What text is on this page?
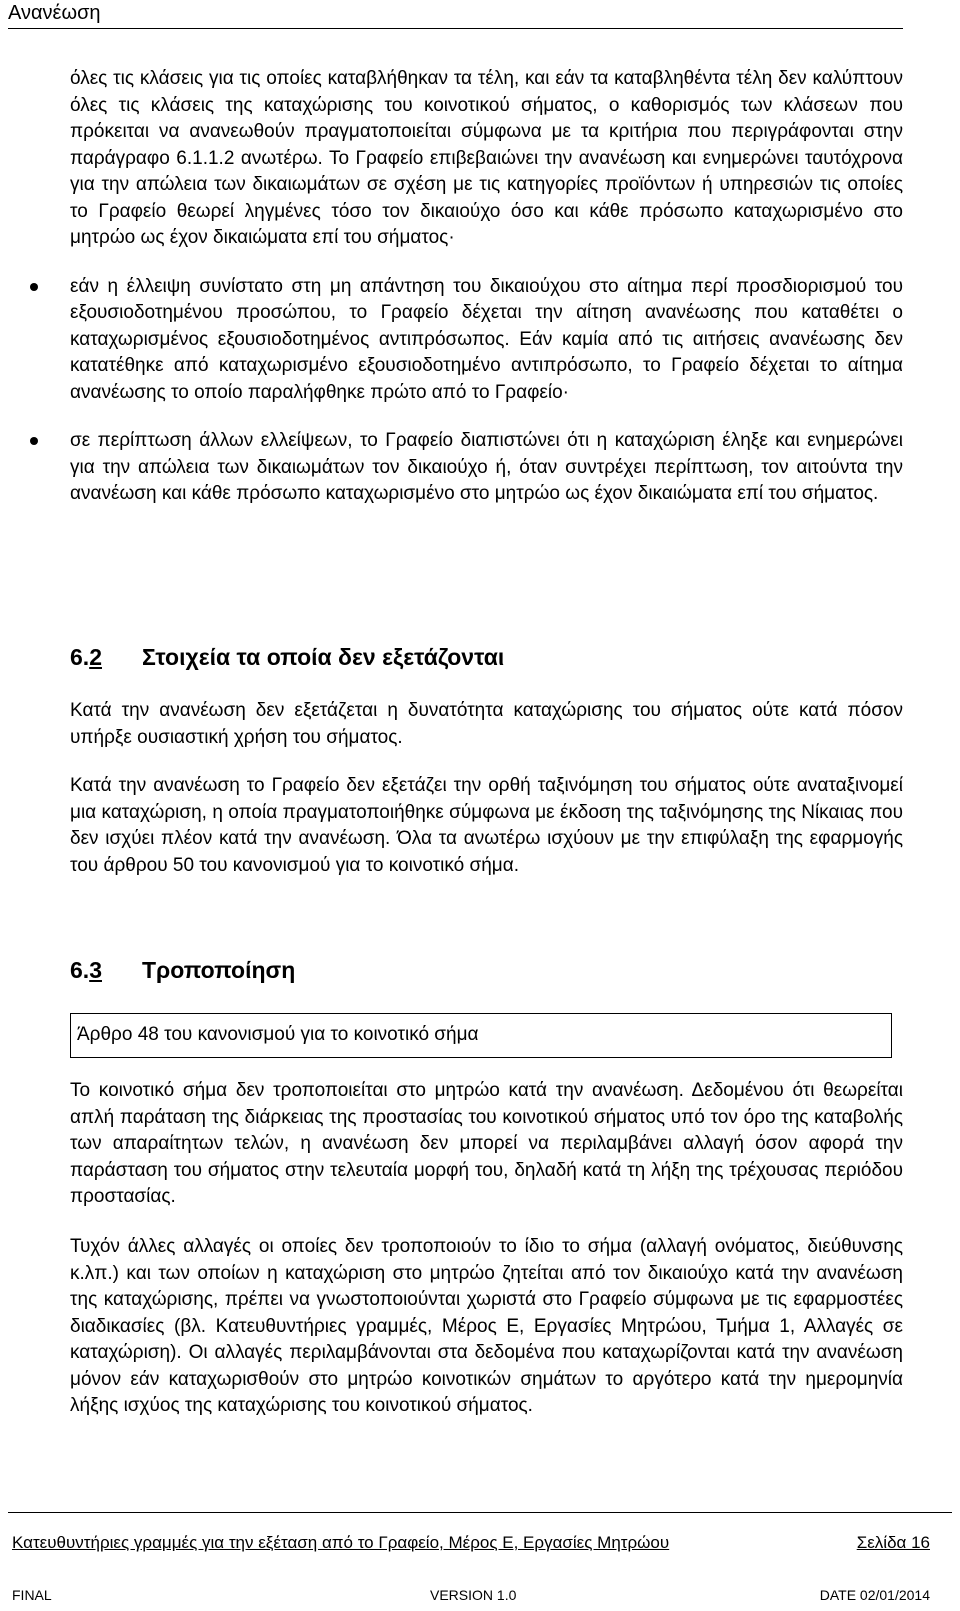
Ανανέωση

όλες τις κλάσεις για τις οποίες καταβλήθηκαν τα τέλη, και εάν τα καταβληθέντα τέλη δεν καλύπτουν όλες τις κλάσεις της καταχώρισης του κοινοτικού σήματος, ο καθορισμός των κλάσεων που πρόκειται να ανανεωθούν πραγματοποιείται σύμφωνα με τα κριτήρια που περιγράφονται στην παράγραφο 6.1.1.2 ανωτέρω. Το Γραφείο επιβεβαιώνει την ανανέωση και ενημερώνει ταυτόχρονα για την απώλεια των δικαιωμάτων σε σχέση με τις κατηγορίες προϊόντων ή υπηρεσιών τις οποίες το Γραφείο θεωρεί ληγμένες τόσο τον δικαιούχο όσο και κάθε πρόσωπο καταχωρισμένο στο μητρώο ως έχον δικαιώματα επί του σήματος·

εάν η έλλειψη συνίστατο στη μη απάντηση του δικαιούχου στο αίτημα περί προσδιορισμού του εξουσιοδοτημένου προσώπου, το Γραφείο δέχεται την αίτηση ανανέωσης που καταθέτει ο καταχωρισμένος εξουσιοδοτημένος αντιπρόσωπος. Εάν καμία από τις αιτήσεις ανανέωσης δεν κατατέθηκε από καταχωρισμένο εξουσιοδοτημένο αντιπρόσωπο, το Γραφείο δέχεται το αίτημα ανανέωσης το οποίο παραλήφθηκε πρώτο από το Γραφείο·

σε περίπτωση άλλων ελλείψεων, το Γραφείο διαπιστώνει ότι η καταχώριση έληξε και ενημερώνει για την απώλεια των δικαιωμάτων τον δικαιούχο ή, όταν συντρέχει περίπτωση, τον αιτούντα την ανανέωση και κάθε πρόσωπο καταχωρισμένο στο μητρώο ως έχον δικαιώματα επί του σήματος.

6.2 Στοιχεία τα οποία δεν εξετάζονται

Κατά την ανανέωση δεν εξετάζεται η δυνατότητα καταχώρισης του σήματος ούτε κατά πόσον υπήρξε ουσιαστική χρήση του σήματος.

Κατά την ανανέωση το Γραφείο δεν εξετάζει την ορθή ταξινόμηση του σήματος ούτε αναταξινομεί μια καταχώριση, η οποία πραγματοποιήθηκε σύμφωνα με έκδοση της ταξινόμησης της Νίκαιας που δεν ισχύει πλέον κατά την ανανέωση. Όλα τα ανωτέρω ισχύουν με την επιφύλαξη της εφαρμογής του άρθρου 50 του κανονισμού για το κοινοτικό σήμα.

6.3 Τροποποίηση

Άρθρο 48 του κανονισμού για το κοινοτικό σήμα

Το κοινοτικό σήμα δεν τροποποιείται στο μητρώο κατά την ανανέωση. Δεδομένου ότι θεωρείται απλή παράταση της διάρκειας της προστασίας του κοινοτικού σήματος υπό τον όρο της καταβολής των απαραίτητων τελών, η ανανέωση δεν μπορεί να περιλαμβάνει αλλαγή όσον αφορά την παράσταση του σήματος στην τελευταία μορφή του, δηλαδή κατά τη λήξη της τρέχουσας περιόδου προστασίας.

Τυχόν άλλες αλλαγές οι οποίες δεν τροποποιούν το ίδιο το σήμα (αλλαγή ονόματος, διεύθυνσης κ.λπ.) και των οποίων η καταχώριση στο μητρώο ζητείται από τον δικαιούχο κατά την ανανέωση της καταχώρισης, πρέπει να γνωστοποιούνται χωριστά στο Γραφείο σύμφωνα με τις εφαρμοστέες διαδικασίες (βλ. Κατευθυντήριες γραμμές, Μέρος Ε, Εργασίες Μητρώου, Τμήμα 1, Αλλαγές σε καταχώριση). Οι αλλαγές περιλαμβάνονται στα δεδομένα που καταχωρίζονται κατά την ανανέωση μόνον εάν καταχωρισθούν στο μητρώο κοινοτικών σημάτων το αργότερο κατά την ημερομηνία λήξης ισχύος της καταχώρισης του κοινοτικού σήματος.

Κατευθυντήριες γραμμές για την εξέταση από το Γραφείο, Μέρος Ε, Εργασίες Μητρώου	Σελίδα 16
FINAL	VERSION 1.0	DATE 02/01/2014
